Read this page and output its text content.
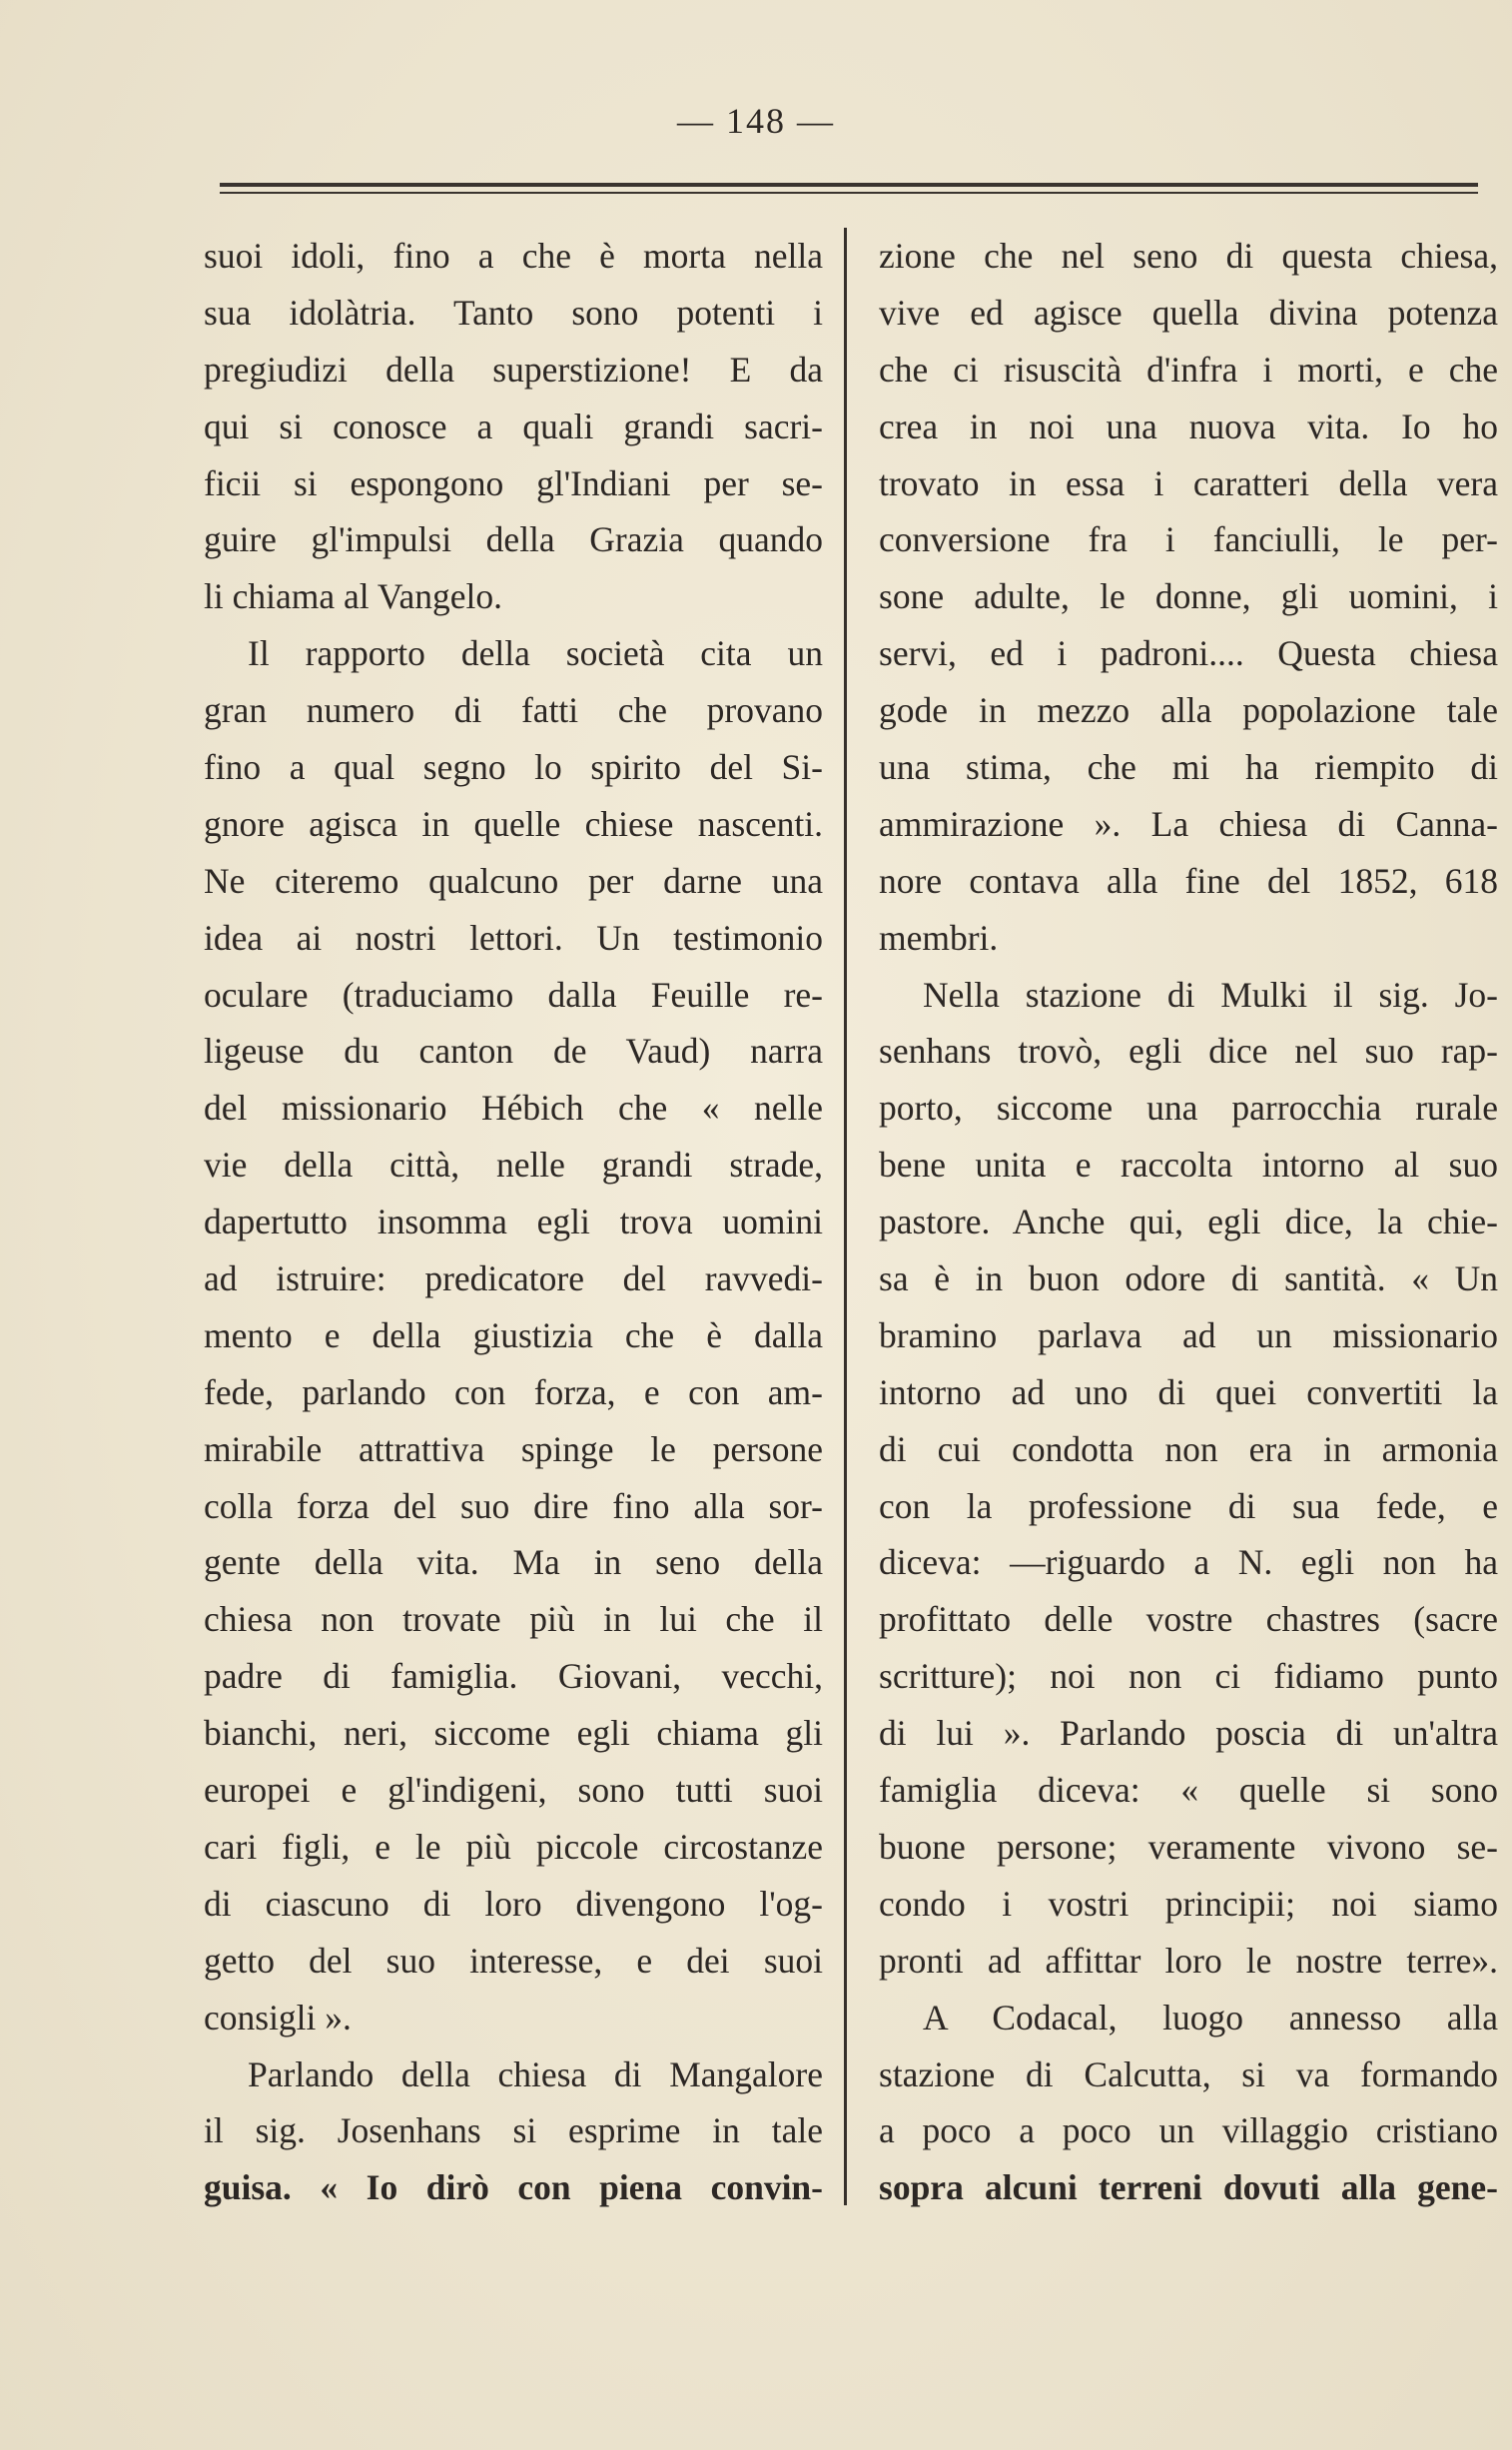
— 148 —
suoi idoli, fino a che è morta nella
sua idolàtria. Tanto sono potenti i
pregiudizi della superstizione! E da
qui si conosce a quali grandi sacri-
ficii si espongono gl'Indiani per se-
guire gl'impulsi della Grazia quando
li chiama al Vangelo.
Il rapporto della società cita un
gran numero di fatti che provano
fino a qual segno lo spirito del Si-
gnore agisca in quelle chiese nascenti.
Ne citeremo qualcuno per darne una
idea ai nostri lettori. Un testimonio
oculare (traduciamo dalla Feuille re-
ligeuse du canton de Vaud) narra
del missionario Hébich che « nelle
vie della città, nelle grandi strade,
dapertutto insomma egli trova uomini
ad istruire: predicatore del ravvedi-
mento e della giustizia che è dalla
fede, parlando con forza, e con am-
mirabile attrattiva spinge le persone
colla forza del suo dire fino alla sor-
gente della vita. Ma in seno della
chiesa non trovate più in lui che il
padre di famiglia. Giovani, vecchi,
bianchi, neri, siccome egli chiama gli
europei e gl'indigeni, sono tutti suoi
cari figli, e le più piccole circostanze
di ciascuno di loro divengono l'og-
getto del suo interesse, e dei suoi
consigli ».
Parlando della chiesa di Mangalore
il sig. Josenhans si esprime in tale
guisa. « Io dirò con piena convin-
zione che nel seno di questa chiesa,
vive ed agisce quella divina potenza
che ci risuscità d'infra i morti, e che
crea in noi una nuova vita. Io ho
trovato in essa i caratteri della vera
conversione fra i fanciulli, le per-
sone adulte, le donne, gli uomini, i
servi, ed i padroni.... Questa chiesa
gode in mezzo alla popolazione tale
una stima, che mi ha riempito di
ammirazione ». La chiesa di Canna-
nore contava alla fine del 1852, 618
membri.
Nella stazione di Mulki il sig. Jo-
senhans trovò, egli dice nel suo rap-
porto, siccome una parrocchia rurale
bene unita e raccolta intorno al suo
pastore. Anche qui, egli dice, la chie-
sa è in buon odore di santità. « Un
bramino parlava ad un missionario
intorno ad uno di quei convertiti la
di cui condotta non era in armonia
con la professione di sua fede, e
diceva: —riguardo a N. egli non ha
profittato delle vostre chastres (sacre
scritture); noi non ci fidiamo punto
di lui ». Parlando poscia di un'altra
famiglia diceva: « quelle si sono
buone persone; veramente vivono se-
condo i vostri principii; noi siamo
pronti ad affittar loro le nostre terre».
A Codacal, luogo annesso alla
stazione di Calcutta, si va formando
a poco a poco un villaggio cristiano
sopra alcuni terreni dovuti alla gene-
